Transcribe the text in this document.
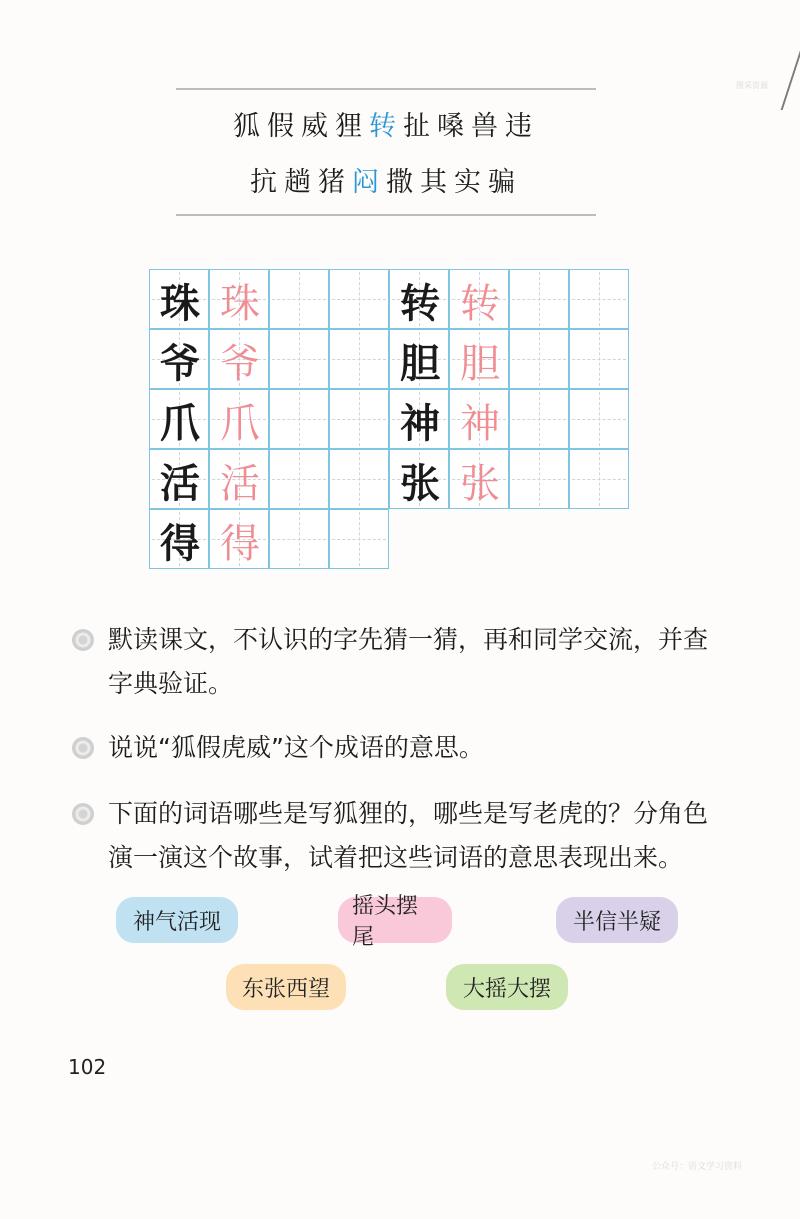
图采资源
狐假威狸转扯嗓兽违
抗趟猪闷撒其实骗
珠 珠
爷 爷
爪 爪
活 活
得 得
转 转
胆 胆
神 神
张 张
默读课文，不认识的字先猜一猜，再和同学交流，并查字典验证。
说说“狐假虎威”这个成语的意思。
下面的词语哪些是写狐狸的，哪些是写老虎的？分角色演一演这个故事，试着把这些词语的意思表现出来。
神气活现
摇头摆尾
半信半疑
东张西望	大摇大摆
102
公众号：语文学习资料
